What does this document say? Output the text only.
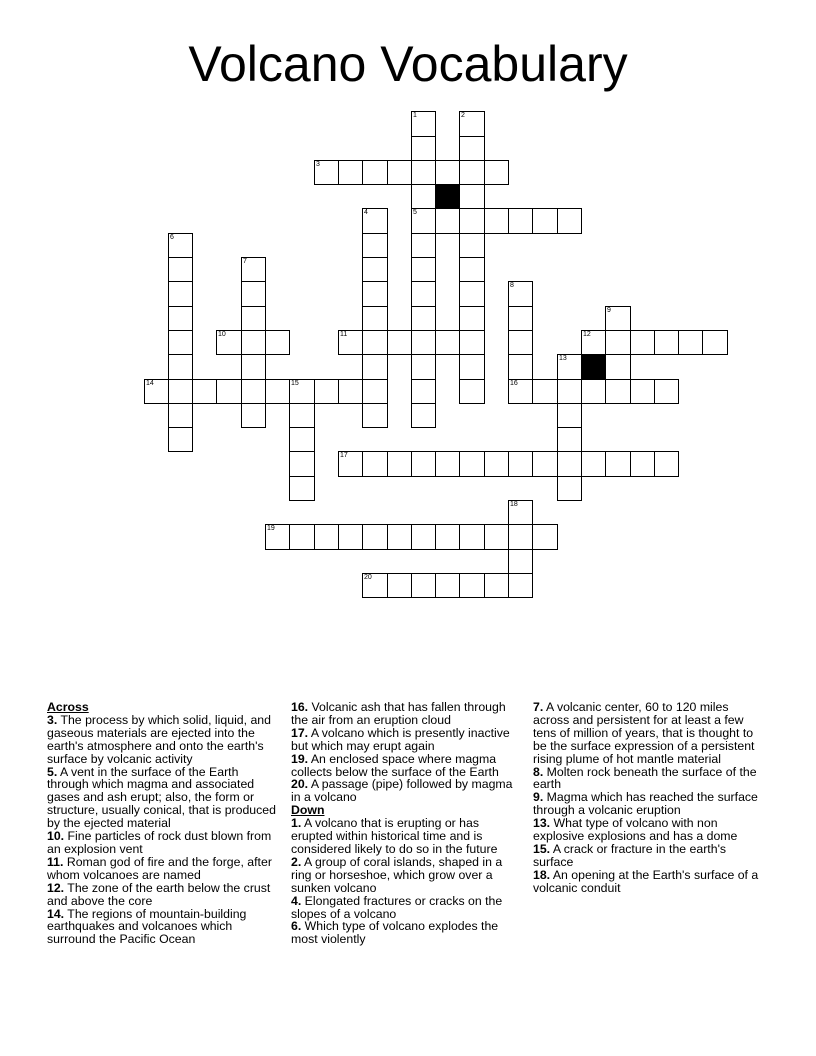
Volcano Vocabulary
1	2
3
4	5
6
7
8
9
10	11	12
13
14	15	16
17
18
19
20
Across
3. The process by which solid, liquid, and gaseous materials are ejected into the earth's atmosphere and onto the earth's surface by volcanic activity
5. A vent in the surface of the Earth through which magma and associated gases and ash erupt; also, the form or structure, usually conical, that is produced by the ejected material
10. Fine particles of rock dust blown from an explosion vent
11. Roman god of fire and the forge, after whom volcanoes are named
12. The zone of the earth below the crust and above the core
14. The regions of mountain-building earthquakes and volcanoes which surround the Pacific Ocean
16. Volcanic ash that has fallen through the air from an eruption cloud
17. A volcano which is presently inactive but which may erupt again
19. An enclosed space where magma collects below the surface of the Earth
20. A passage (pipe) followed by magma in a volcano
Down
1. A volcano that is erupting or has erupted within historical time and is considered likely to do so in the future
2. A group of coral islands, shaped in a ring or horseshoe, which grow over a sunken volcano
4. Elongated fractures or cracks on the slopes of a volcano
6. Which type of volcano explodes the most violently
7. A volcanic center, 60 to 120 miles across and persistent for at least a few tens of million of years, that is thought to be the surface expression of a persistent rising plume of hot mantle material
8. Molten rock beneath the surface of the earth
9. Magma which has reached the surface through a volcanic eruption
13. What type of volcano with non explosive explosions and has a dome
15. A crack or fracture in the earth's surface
18. An opening at the Earth's surface of a volcanic conduit
